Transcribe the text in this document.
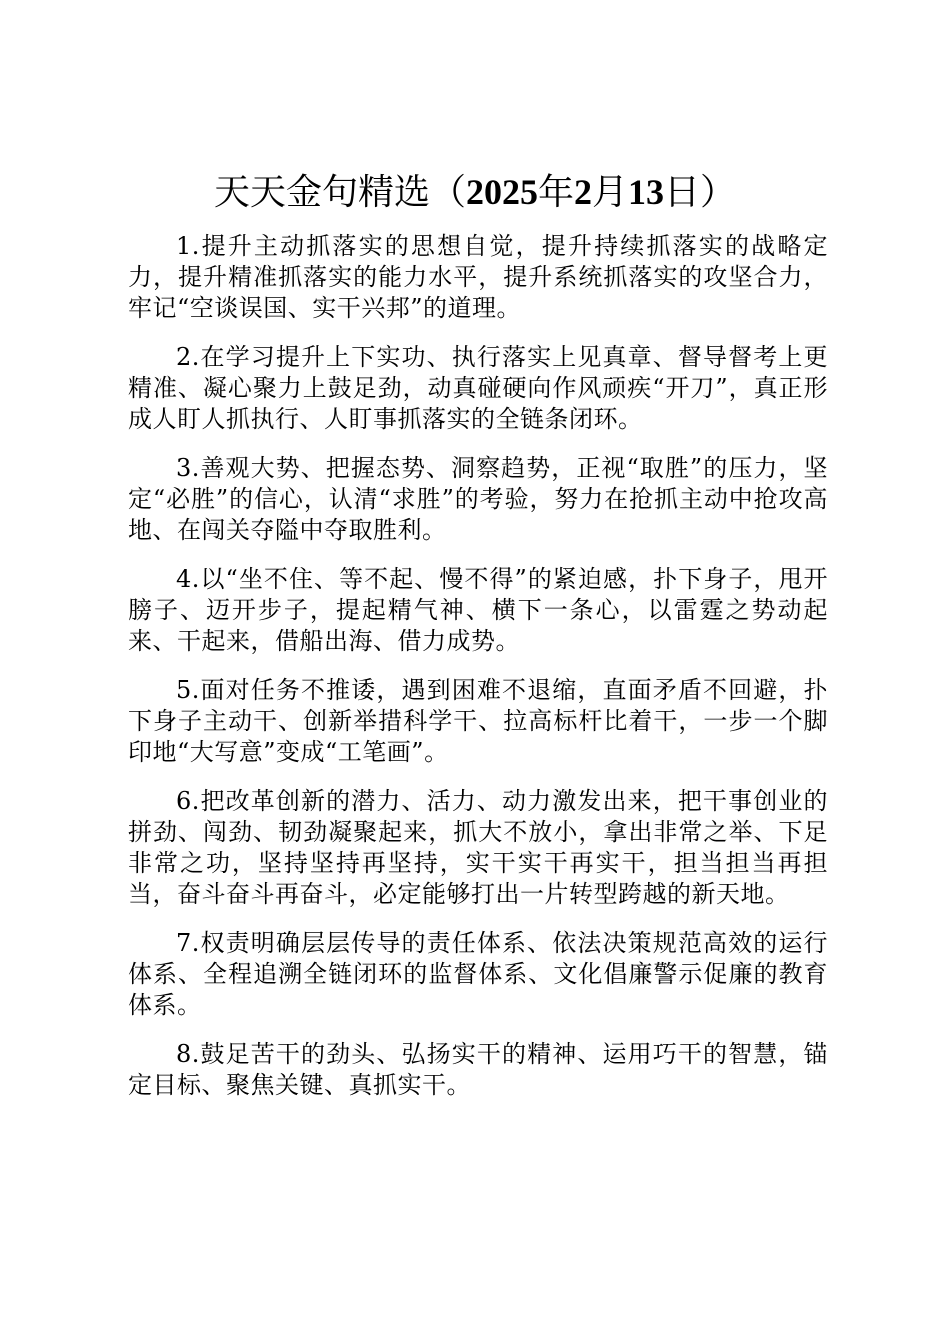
天天金句精选（2025年2月13日）

1.提升主动抓落实的思想自觉，提升持续抓落实的战略定力，提升精准抓落实的能力水平，提升系统抓落实的攻坚合力，牢记“空谈误国、实干兴邦”的道理。

2.在学习提升上下实功、执行落实上见真章、督导督考上更精准、凝心聚力上鼓足劲，动真碰硬向作风顽疾“开刀”，真正形成人盯人抓执行、人盯事抓落实的全链条闭环。

3.善观大势、把握态势、洞察趋势，正视“取胜”的压力，坚定“必胜”的信心，认清“求胜”的考验，努力在抢抓主动中抢攻高地、在闯关夺隘中夺取胜利。

4.以“坐不住、等不起、慢不得”的紧迫感，扑下身子，甩开膀子、迈开步子，提起精气神、横下一条心，以雷霆之势动起来、干起来，借船出海、借力成势。

5.面对任务不推诿，遇到困难不退缩，直面矛盾不回避，扑下身子主动干、创新举措科学干、拉高标杆比着干，一步一个脚印地“大写意”变成“工笔画”。

6.把改革创新的潜力、活力、动力激发出来，把干事创业的拼劲、闯劲、韧劲凝聚起来，抓大不放小，拿出非常之举、下足非常之功，坚持坚持再坚持，实干实干再实干，担当担当再担当，奋斗奋斗再奋斗，必定能够打出一片转型跨越的新天地。

7.权责明确层层传导的责任体系、依法决策规范高效的运行体系、全程追溯全链闭环的监督体系、文化倡廉警示促廉的教育体系。

8.鼓足苦干的劲头、弘扬实干的精神、运用巧干的智慧，锚定目标、聚焦关键、真抓实干。
